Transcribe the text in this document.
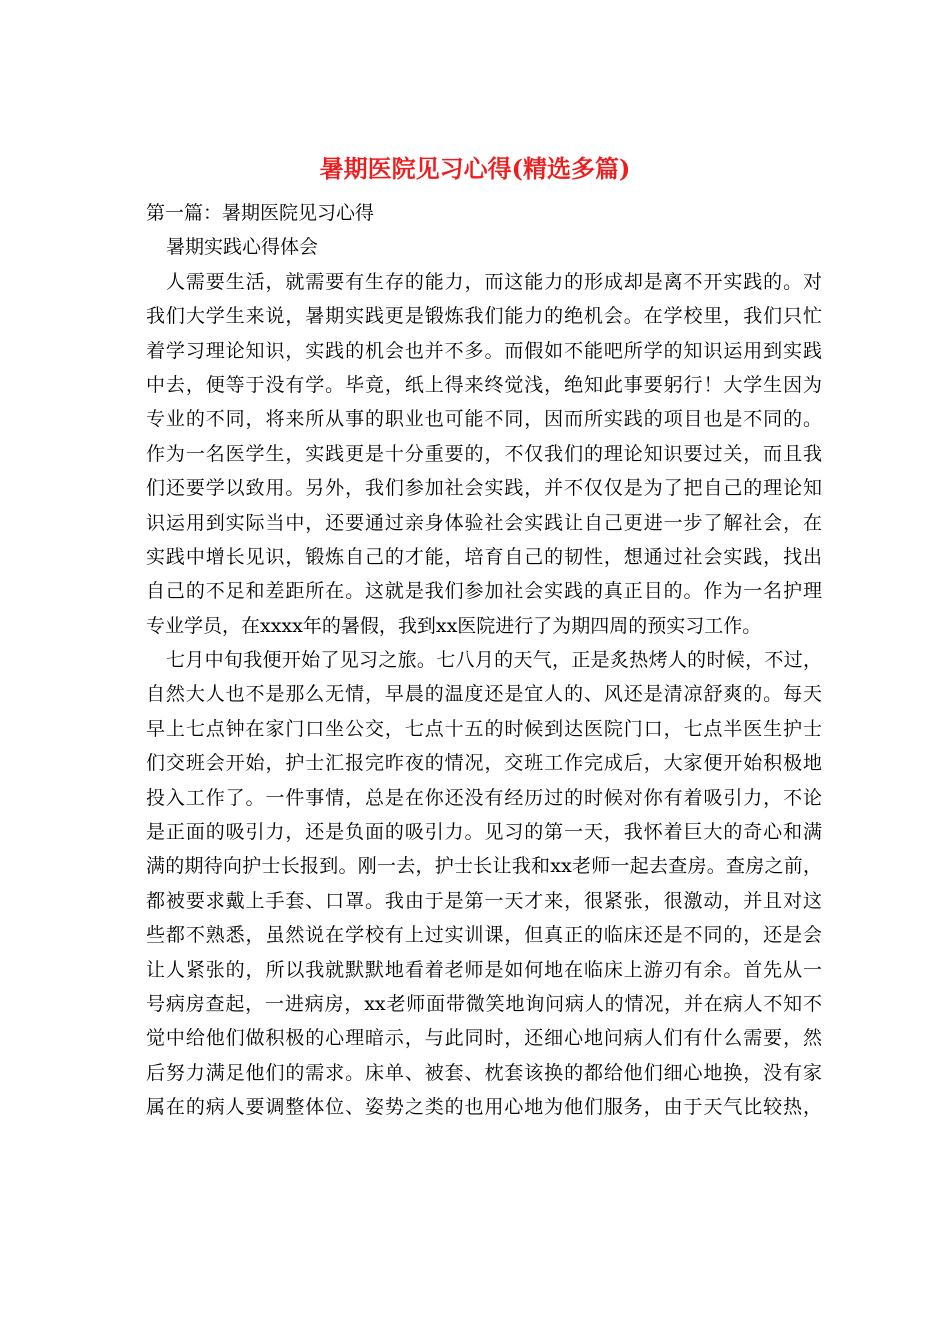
暑期医院见习心得(精选多篇)
第一篇：暑期医院见习心得
暑期实践心得体会
人需要生活，就需要有生存的能力，而这能力的形成却是离不开实践的。对
我们大学生来说，暑期实践更是锻炼我们能力的绝机会。在学校里，我们只忙
着学习理论知识，实践的机会也并不多。而假如不能吧所学的知识运用到实践
中去，便等于没有学。毕竟，纸上得来终觉浅，绝知此事要躬行！大学生因为
专业的不同，将来所从事的职业也可能不同，因而所实践的项目也是不同的。
作为一名医学生，实践更是十分重要的，不仅我们的理论知识要过关，而且我
们还要学以致用。另外，我们参加社会实践，并不仅仅是为了把自己的理论知
识运用到实际当中，还要通过亲身体验社会实践让自己更进一步了解社会，在
实践中增长见识，锻炼自己的才能，培育自己的韧性，想通过社会实践，找出
自己的不足和差距所在。这就是我们参加社会实践的真正目的。作为一名护理
专业学员，在xxxx年的暑假，我到xx医院进行了为期四周的预实习工作。
七月中旬我便开始了见习之旅。七八月的天气，正是炙热烤人的时候，不过，
自然大人也不是那么无情，早晨的温度还是宜人的、风还是清凉舒爽的。每天
早上七点钟在家门口坐公交，七点十五的时候到达医院门口，七点半医生护士
们交班会开始，护士汇报完昨夜的情况，交班工作完成后，大家便开始积极地
投入工作了。一件事情，总是在你还没有经历过的时候对你有着吸引力，不论
是正面的吸引力，还是负面的吸引力。见习的第一天，我怀着巨大的奇心和满
满的期待向护士长报到。刚一去，护士长让我和xx老师一起去查房。查房之前，
都被要求戴上手套、口罩。我由于是第一天才来，很紧张，很激动，并且对这
些都不熟悉，虽然说在学校有上过实训课，但真正的临床还是不同的，还是会
让人紧张的，所以我就默默地看着老师是如何地在临床上游刃有余。首先从一
号病房查起，一进病房，xx老师面带微笑地询问病人的情况，并在病人不知不
觉中给他们做积极的心理暗示，与此同时，还细心地问病人们有什么需要，然
后努力满足他们的需求。床单、被套、枕套该换的都给他们细心地换，没有家
属在的病人要调整体位、姿势之类的也用心地为他们服务，由于天气比较热，
